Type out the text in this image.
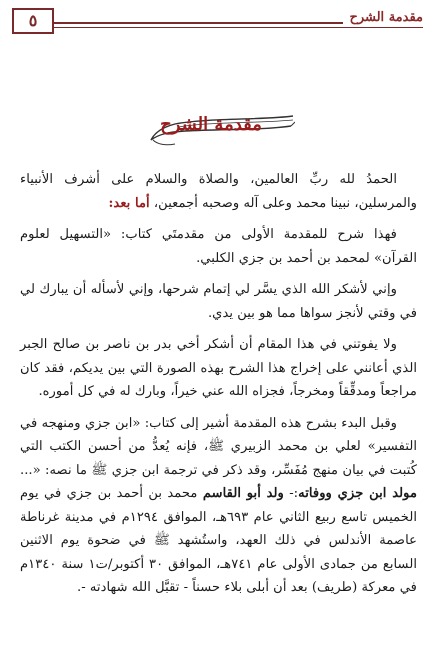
مقدمة الشرح
٥
مقدمة الشرح

الحمدُ لله ربِّ العالمين، والصلاة والسلام على أشرف الأنبياء والمرسلين، نبينا محمد وعلى آله وصحبه أجمعين، أما بعد:

فهذا شرح للمقدمة الأولى من مقدمتَي كتاب: «التسهيل لعلوم القرآن» لمحمد بن أحمد بن جزي الكلبي.

وإني لأشكر الله الذي يسَّر لي إتمام شرحها، وإني لأسأله أن يبارك لي في وقتي لأنجز سواها مما هو بين يدي.

ولا يفوتني في هذا المقام أن أشكر أخي بدر بن ناصر بن صالح الجبر الذي أعانني على إخراج هذا الشرح بهذه الصورة التي بين يديكم، فقد كان مراجعاً ومدقِّقاً ومخرجاً، فجزاه الله عني خيراً، وبارك له في كل أموره.

وقبل البدء بشرح هذه المقدمة أشير إلى كتاب: «ابن جزي ومنهجه في التفسير» لعلي بن محمد الزبيري ﷺ، فإنه يُعدُّ من أحسن الكتب التي كُتبت في بيان منهج مُفَسِّر، وقد ذكر في ترجمة ابن جزي ﷺ ما نصه: «... مولد ابن جزي ووفاته:- ولد أبو القاسم محمد بن أحمد بن جزي في يوم الخميس تاسع ربيع الثاني عام ٦٩٣هـ، الموافق ١٢٩٤م في مدينة غرناطة عاصمة الأندلس في ذلك العهد، واستُشهد ﷺ في ضحوة يوم الاثنين السابع من جمادى الأولى عام ٧٤١هـ، الموافق ٣٠ أكتوبر/ت١ سنة ١٣٤٠م في معركة (طريف) بعد أن أبلى بلاء حسناً - تقبَّل الله شهادته -.
